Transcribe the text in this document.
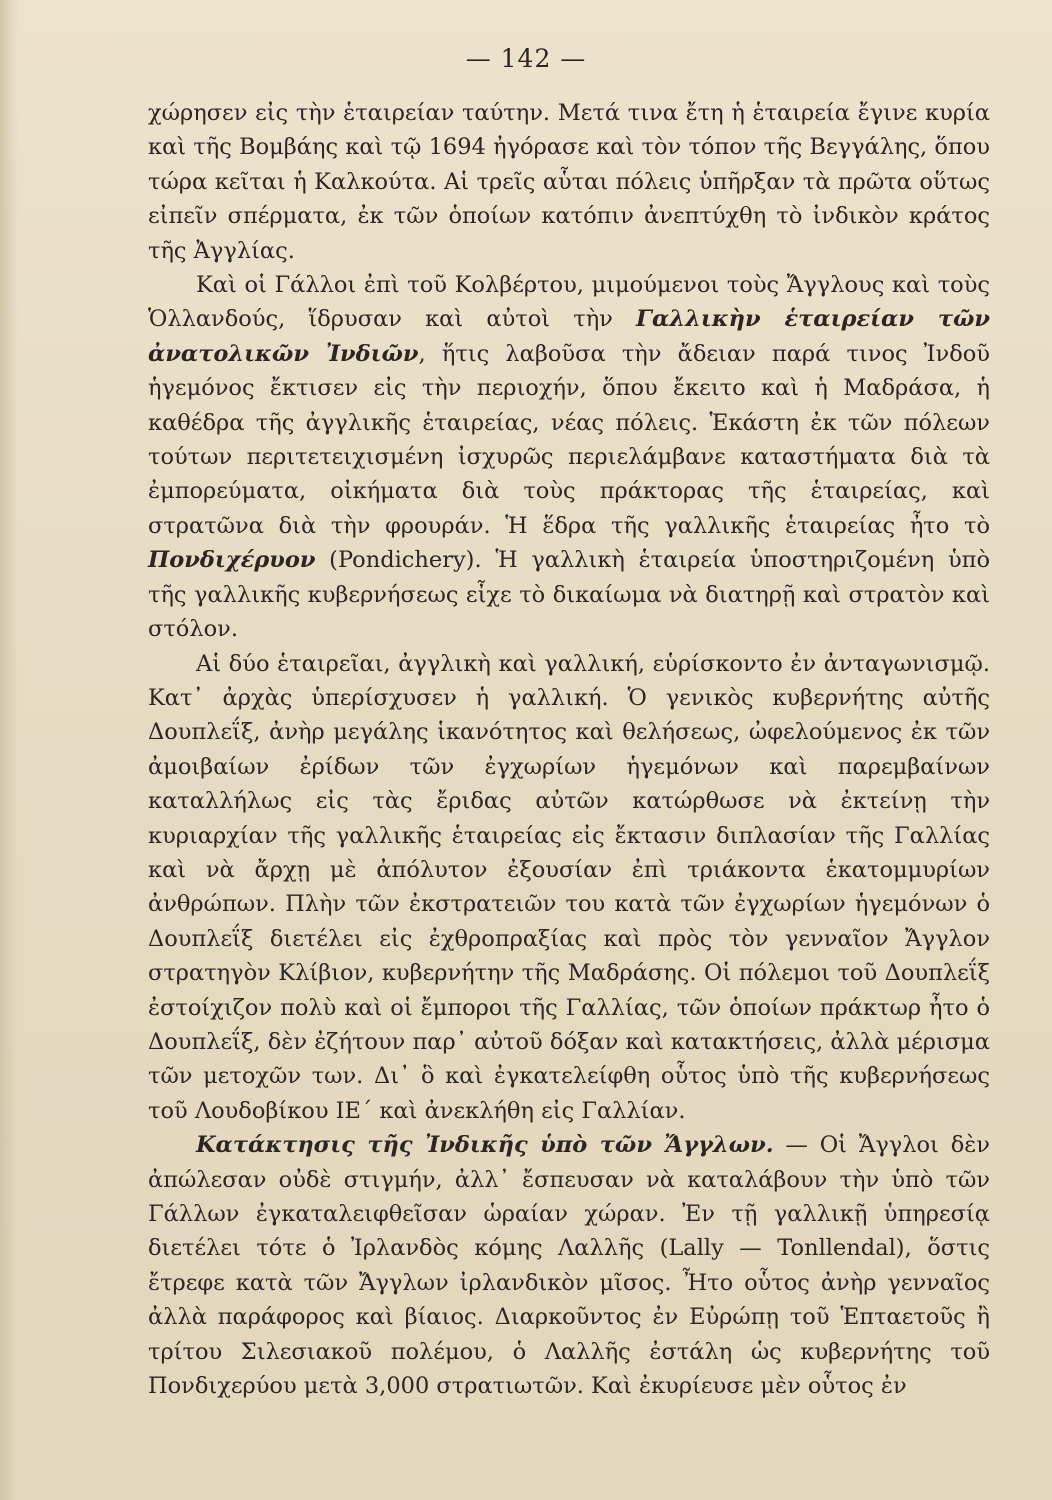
— 142 —

χώρησεν εἰς τὴν ἑταιρείαν ταύτην. Μετά τινα ἔτη ἡ ἑταιρεία ἔγινε κυρία καὶ τῆς Βομβάης καὶ τῷ 1694 ἠγόρασε καὶ τὸν τόπον τῆς Βεγγάλης, ὅπου τώρα κεῖται ἡ Καλκούτα. Αἱ τρεῖς αὗται πόλεις ὑπῆρξαν τὰ πρῶτα οὕτως εἰπεῖν σπέρματα, ἐκ τῶν ὁποίων κατόπιν ἀνεπτύχθη τὸ ἰνδικὸν κράτος τῆς Ἀγγλίας.

Καὶ οἱ Γάλλοι ἐπὶ τοῦ Κολβέρτου, μιμούμενοι τοὺς Ἄγγλους καὶ τοὺς Ὁλλανδούς, ἵδρυσαν καὶ αὐτοὶ τὴν Γαλλικὴν ἑταιρείαν τῶν ἀνατολικῶν Ἰνδιῶν, ἥτις λαβοῦσα τὴν ἄδειαν παρά τινος Ἰνδοῦ ἡγεμόνος ἔκτισεν εἰς τὴν περιοχήν, ὅπου ἔκειτο καὶ ἡ Μαδράσα, ἡ καθέδρα τῆς ἀγγλικῆς ἑταιρείας, νέας πόλεις. Ἑκάστη ἐκ τῶν πόλεων τούτων περιτετειχισμένη ἰσχυρῶς περιελάμβανε καταστήματα διὰ τὰ ἐμπορεύματα, οἰκήματα διὰ τοὺς πράκτορας τῆς ἑταιρείας, καὶ στρατῶνα διὰ τὴν φρουράν. Ἡ ἕδρα τῆς γαλλικῆς ἑταιρείας ἦτο τὸ Πονδιχέρυον (Pondichery). Ἡ γαλλικὴ ἑταιρεία ὑποστηριζομένη ὑπὸ τῆς γαλλικῆς κυβερνήσεως εἶχε τὸ δικαίωμα νὰ διατηρῇ καὶ στρατὸν καὶ στόλον.

Αἱ δύο ἑταιρεῖαι, ἀγγλικὴ καὶ γαλλική, εὑρίσκοντο ἐν ἀνταγωνισμῷ. Κατ᾿ ἀρχὰς ὑπερίσχυσεν ἡ γαλλική. Ὁ γενικὸς κυβερνήτης αὐτῆς Δουπλεΐξ, ἀνὴρ μεγάλης ἱκανότητος καὶ θελήσεως, ὠφελούμενος ἐκ τῶν ἀμοιβαίων ἐρίδων τῶν ἐγχωρίων ἡγεμόνων καὶ παρεμβαίνων καταλλήλως εἰς τὰς ἔριδας αὐτῶν κατώρθωσε νὰ ἐκτείνῃ τὴν κυριαρχίαν τῆς γαλλικῆς ἑταιρείας εἰς ἔκτασιν διπλασίαν τῆς Γαλλίας καὶ νὰ ἄρχῃ μὲ ἀπόλυτον ἐξουσίαν ἐπὶ τριάκοντα ἑκατομμυρίων ἀνθρώπων. Πλὴν τῶν ἐκστρατειῶν του κατὰ τῶν ἐγχωρίων ἡγεμόνων ὁ Δουπλεΐξ διετέλει εἰς ἐχθροπραξίας καὶ πρὸς τὸν γενναῖον Ἄγγλον στρατηγὸν Κλίβιον, κυβερνήτην τῆς Μαδράσης. Οἱ πόλεμοι τοῦ Δουπλεΐξ ἐστοίχιζον πολὺ καὶ οἱ ἔμποροι τῆς Γαλλίας, τῶν ὁποίων πράκτωρ ἦτο ὁ Δουπλεΐξ, δὲν ἐζήτουν παρ᾿ αὐτοῦ δόξαν καὶ κατακτήσεις, ἀλλὰ μέρισμα τῶν μετοχῶν των. Δι᾿ ὃ καὶ ἐγκατελείφθη οὗτος ὑπὸ τῆς κυβερνήσεως τοῦ Λουδοβίκου ΙΕ΄ καὶ ἀνεκλήθη εἰς Γαλλίαν.

Κατάκτησις τῆς Ἰνδικῆς ὑπὸ τῶν Ἄγγλων. — Οἱ Ἄγγλοι δὲν ἀπώλεσαν οὐδὲ στιγμήν, ἀλλ᾿ ἔσπευσαν νὰ καταλάβουν τὴν ὑπὸ τῶν Γάλλων ἐγκαταλειφθεῖσαν ὡραίαν χώραν. Ἐν τῇ γαλλικῇ ὑπηρεσίᾳ διετέλει τότε ὁ Ἰρλανδὸς κόμης Λαλλῆς (Lally — Tonllendal), ὅστις ἔτρεφε κατὰ τῶν Ἄγγλων ἰρλανδικὸν μῖσος. Ἦτο οὗτος ἀνὴρ γενναῖος ἀλλὰ παράφορος καὶ βίαιος. Διαρκοῦντος ἐν Εὐρώπῃ τοῦ Ἑπταετοῦς ἢ τρίτου Σιλεσιακοῦ πολέμου, ὁ Λαλλῆς ἐστάλη ὡς κυβερνήτης τοῦ Πονδιχερύου μετὰ 3,000 στρατιωτῶν. Καὶ ἐκυρίευσε μὲν οὗτος ἐν
